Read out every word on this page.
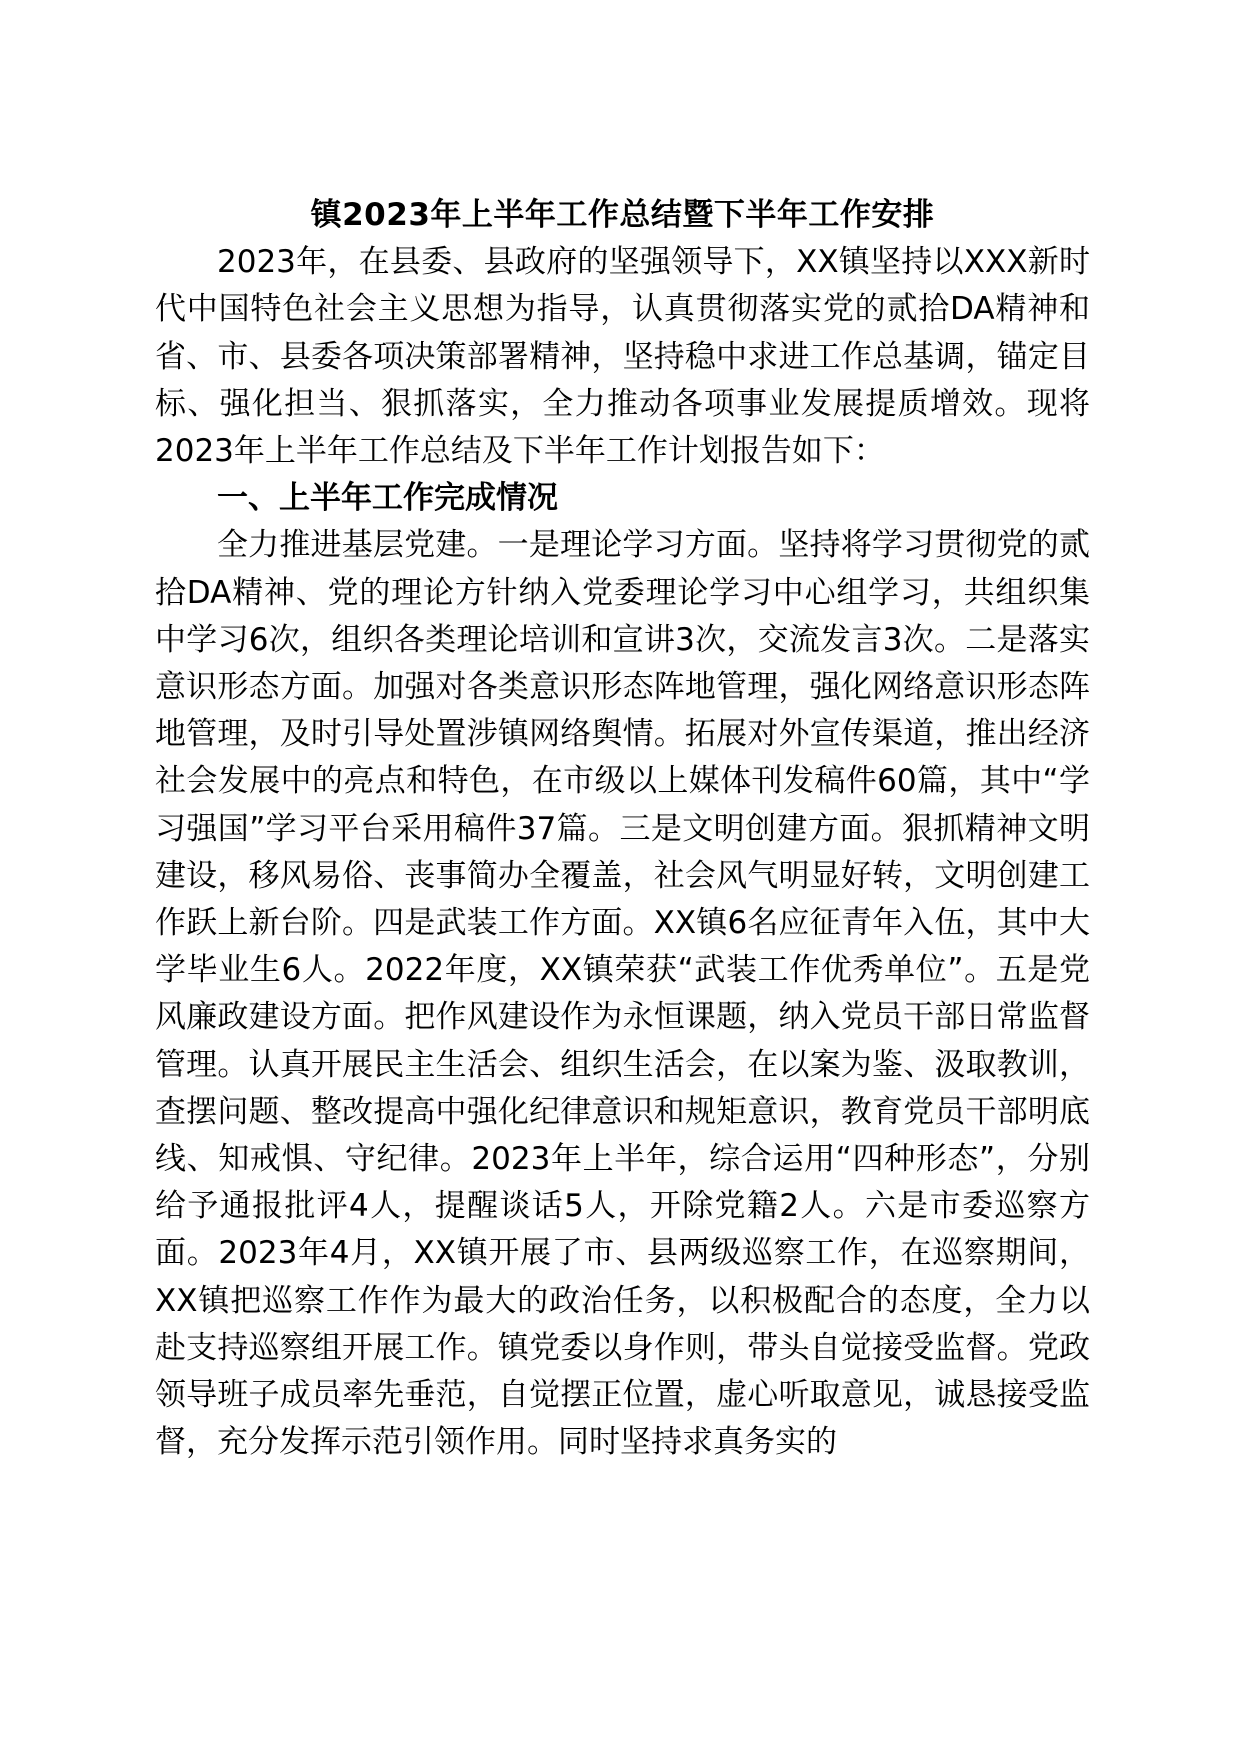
镇2023年上半年工作总结暨下半年工作安排

2023年，在县委、县政府的坚强领导下，XX镇坚持以XXX新时代中国特色社会主义思想为指导，认真贯彻落实党的贰拾DA精神和省、市、县委各项决策部署精神，坚持稳中求进工作总基调，锚定目标、强化担当、狠抓落实，全力推动各项事业发展提质增效。现将2023年上半年工作总结及下半年工作计划报告如下：

一、上半年工作完成情况

全力推进基层党建。一是理论学习方面。坚持将学习贯彻党的贰拾DA精神、党的理论方针纳入党委理论学习中心组学习，共组织集中学习6次，组织各类理论培训和宣讲3次，交流发言3次。二是落实意识形态方面。加强对各类意识形态阵地管理，强化网络意识形态阵地管理，及时引导处置涉镇网络舆情。拓展对外宣传渠道，推出经济社会发展中的亮点和特色，在市级以上媒体刊发稿件60篇，其中“学习强国”学习平台采用稿件37篇。三是文明创建方面。狠抓精神文明建设，移风易俗、丧事简办全覆盖，社会风气明显好转，文明创建工作跃上新台阶。四是武装工作方面。XX镇6名应征青年入伍，其中大学毕业生6人。2022年度，XX镇荣获“武装工作优秀单位”。五是党风廉政建设方面。把作风建设作为永恒课题，纳入党员干部日常监督管理。认真开展民主生活会、组织生活会，在以案为鉴、汲取教训，查摆问题、整改提高中强化纪律意识和规矩意识，教育党员干部明底线、知戒惧、守纪律。2023年上半年，综合运用“四种形态”，分别给予通报批评4人，提醒谈话5人，开除党籍2人。六是市委巡察方面。2023年4月，XX镇开展了市、县两级巡察工作，在巡察期间，XX镇把巡察工作作为最大的政治任务，以积极配合的态度，全力以赴支持巡察组开展工作。镇党委以身作则，带头自觉接受监督。党政领导班子成员率先垂范，自觉摆正位置，虚心听取意见，诚恳接受监督，充分发挥示范引领作用。同时坚持求真务实的
